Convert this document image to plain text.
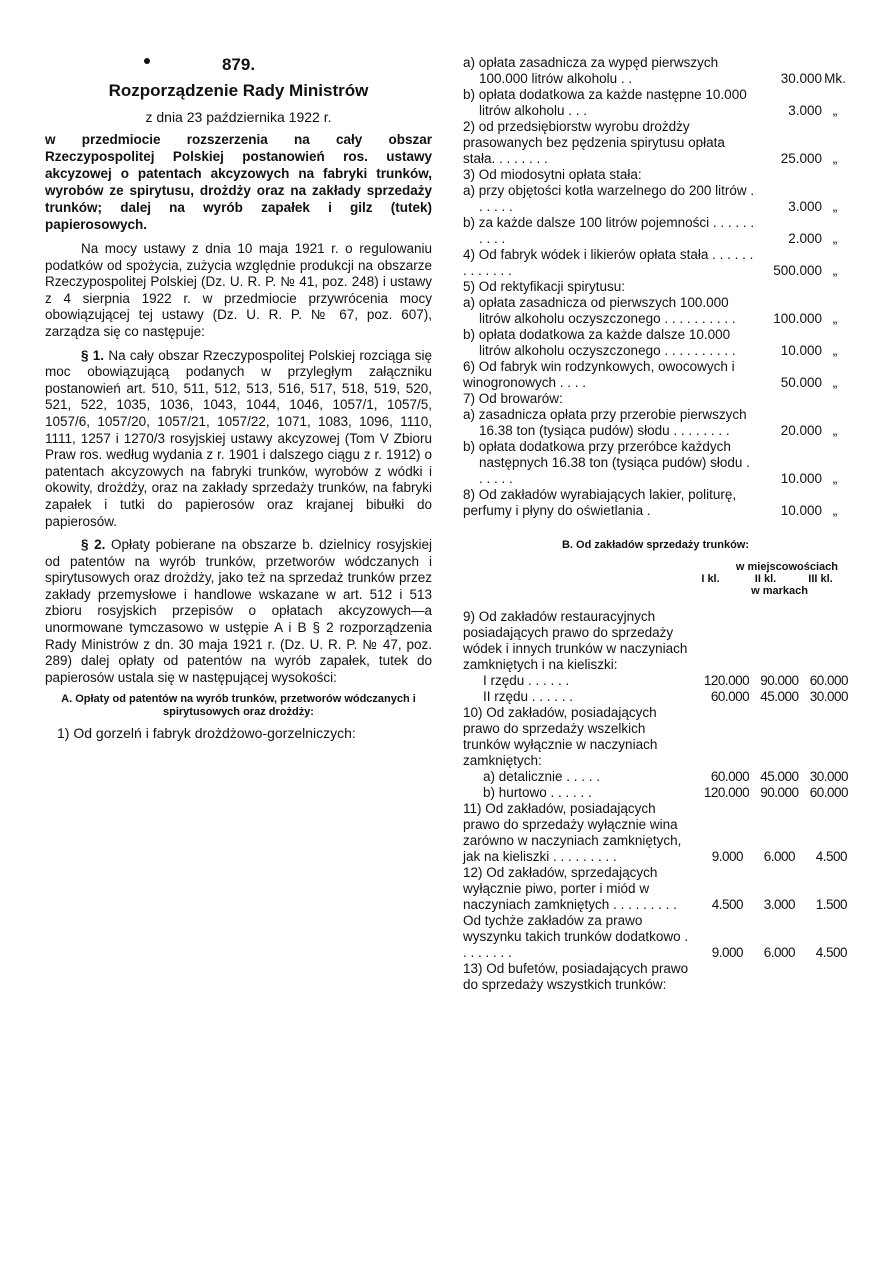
879.
Rozporządzenie Rady Ministrów
z dnia 23 października 1922 r.
w przedmiocie rozszerzenia na cały obszar Rzeczypospolitej Polskiej postanowień ros. ustawy akcyzowej o patentach akcyzowych na fabryki trunków, wyrobów ze spirytusu, drożdży oraz na zakłady sprzedaży trunków; dalej na wyrób zapałek i gilz (tutek) papierosowych.

Na mocy ustawy z dnia 10 maja 1921 r. o regulowaniu podatków od spożycia, zużycia względnie produkcji na obszarze Rzeczypospolitej Polskiej (Dz. U. R. P. № 41, poz. 248) i ustawy z 4 sierpnia 1922 r. w przedmiocie przywrócenia mocy obowiązującej tej ustawy (Dz. U. R. P. № 67, poz. 607), zarządza się co następuje:

§ 1. Na cały obszar Rzeczypospolitej Polskiej rozciąga się moc obowiązującą podanych w przyległym załączniku postanowień art. 510, 511, 512, 513, 516, 517, 518, 519, 520, 521, 522, 1035, 1036, 1043, 1044, 1046, 1057/1, 1057/5, 1057/6, 1057/20, 1057/21, 1057/22, 1071, 1083, 1096, 1110, 1111, 1257 i 1270/3 rosyjskiej ustawy akcyzowej (Tom V Zbioru Praw ros. według wydania z r. 1901 i dalszego ciągu z r. 1912) o patentach akcyzowych na fabryki trunków, wyrobów z wódki i okowity, drożdży, oraz na zakłady sprzedaży trunków, na fabryki zapałek i tutki do papierosów oraz krajanej bibułki do papierosów.

§ 2. Opłaty pobierane na obszarze b. dzielnicy rosyjskiej od patentów na wyrób trunków, przetworów wódczanych i spirytusowych oraz drożdży, jako też na sprzedaż trunków przez zakłady przemysłowe i handlowe wskazane w art. 512 i 513 zbioru rosyjskich przepisów o opłatach akcyzowych—a unormowane tymczasowo w ustępie A i B § 2 rozporządzenia Rady Ministrów z dn. 30 maja 1921 r. (Dz. U. R. P. № 47, poz. 289) dalej opłaty od patentów na wyrób zapałek, tutek do papierosów ustala się w następującej wysokości:

A. Opłaty od patentów na wyrób trunków, przetworów wódczanych i spirytusowych oraz drożdży:
1) Od gorzelń i fabryk drożdżowo-gorzelniczych:
a) opłata zasadnicza za wypęd pierwszych 100.000 litrów alkoholu . .	30.000 Mk.
b) opłata dodatkowa za każde następne 10.000 litrów alkoholu . . .	3.000 „
2) od przedsiębiorstw wyrobu drożdży prasowanych bez pędzenia spirytusu opłata stała. . . . . . . .	25.000 „
3) Od miodosytni opłata stała:
a) przy objętości kotła warzelnego do 200 litrów . . . . . .	3.000 „
b) za każde dalsze 100 litrów pojemności . . . . . . . . . .	2.000 „
4) Od fabryk wódek i likierów opłata stała . . . . . . . . . . . . .	500.000 „
5) Od rektyfikacji spirytusu:
a) opłata zasadnicza od pierwszych 100.000 litrów alkoholu oczyszczonego . . . . . . . . . .	100.000 „
b) opłata dodatkowa za każde dalsze 10.000 litrów alkoholu oczyszczonego . . . . . . . . . .	10.000 „
6) Od fabryk win rodzynkowych, owocowych i winogronowych . . . .	50.000 „
7) Od browarów:
a) zasadnicza opłata przy przerobie pierwszych 16.38 ton (tysiąca pudów) słodu . . . . . . . .	20.000 „
b) opłata dodatkowa przy przeróbce każdych następnych 16.38 ton (tysiąca pudów) słodu . . . . . .	10.000 „
8) Od zakładów wyrabiających lakier, politurę, perfumy i płyny do oświetlania .	10.000 „
B. Od zakładów sprzedaży trunków:
w miejscowościach
I kl.	II kl.	III kl.
w markach
9) Od zakładów restauracyjnych posiadających prawo do sprzedaży wódek i innych trunków w naczyniach zamkniętych i na kieliszki:
I rzędu . . . . . .	120.000 90.000 60.000
II rzędu . . . . . .	60.000 45.000 30.000
10) Od zakładów, posiadających prawo do sprzedaży wszelkich trunków wyłącznie w naczyniach zamkniętych:
a) detalicznie . . . . .	60.000 45.000 30.000
b) hurtowo . . . . . .	120.000 90.000 60.000
11) Od zakładów, posiadających prawo do sprzedaży wyłącznie wina zarówno w naczyniach zamkniętych, jak na kieliszki . . . . . . . . .	9.000	6.000	4.500
12) Od zakładów, sprzedających wyłącznie piwo, porter i miód w naczyniach zamkniętych . . . . . . . . .	4.500	3.000	1.500
Od tychże zakładów za prawo wyszynku takich trunków dodatkowo . . . . . . . .	9.000	6.000	4.500
13) Od bufetów, posiadających prawo do sprzedaży wszystkich trunków:
